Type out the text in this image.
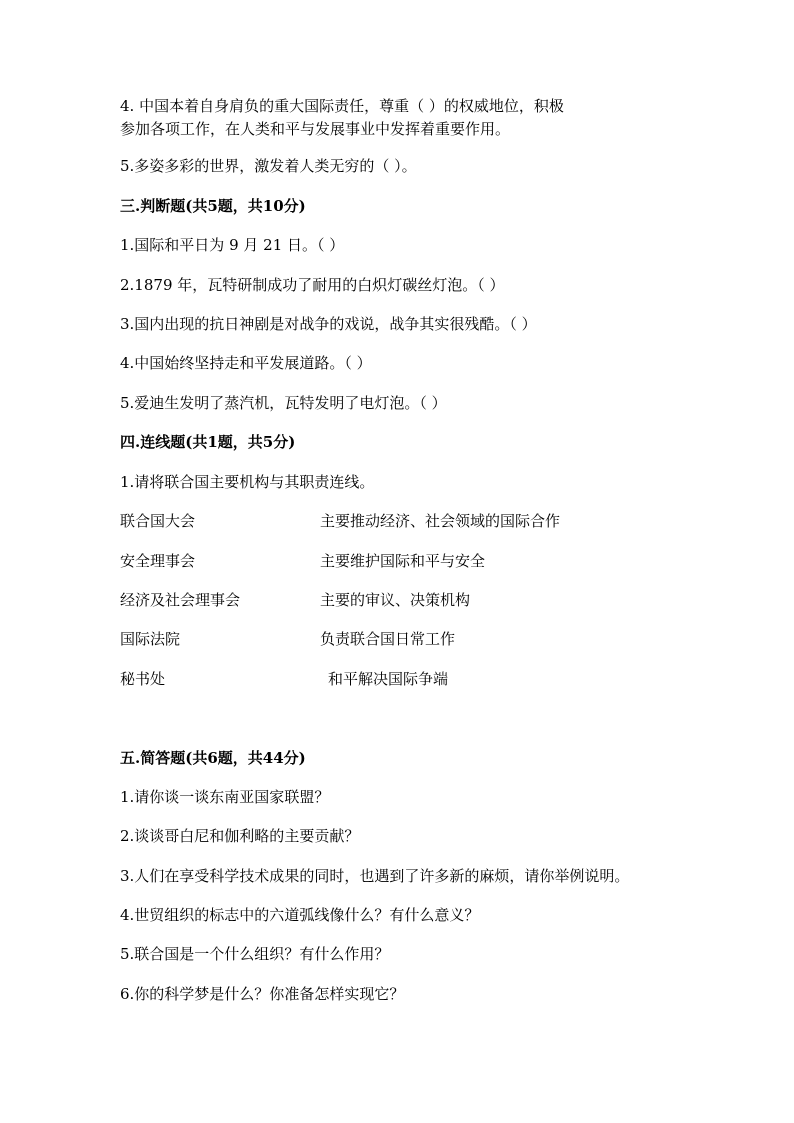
4. 中国本着自身肩负的重大国际责任，尊重（ ）的权威地位，积极
参加各项工作，在人类和平与发展事业中发挥着重要作用。
5.多姿多彩的世界，激发着人类无穷的（ ）。
三.判断题(共5题，共10分)
1.国际和平日为 9 月 21 日。（ ）
2.1879 年，瓦特研制成功了耐用的白炽灯碳丝灯泡。（ ）
3.国内出现的抗日神剧是对战争的戏说，战争其实很残酷。（ ）
4.中国始终坚持走和平发展道路。（ ）
5.爱迪生发明了蒸汽机，瓦特发明了电灯泡。（ ）
四.连线题(共1题，共5分)
1.请将联合国主要机构与其职责连线。
联合国大会	主要推动经济、社会领域的国际合作
安全理事会	主要维护国际和平与安全
经济及社会理事会	主要的审议、决策机构
国际法院	负责联合国日常工作
秘书处	和平解决国际争端
五.简答题(共6题，共44分)
1.请你谈一谈东南亚国家联盟？
2.谈谈哥白尼和伽利略的主要贡献？
3.人们在享受科学技术成果的同时，也遇到了许多新的麻烦，请你举例说明。
4.世贸组织的标志中的六道弧线像什么？有什么意义？
5.联合国是一个什么组织？有什么作用？
6.你的科学梦是什么？你准备怎样实现它？
